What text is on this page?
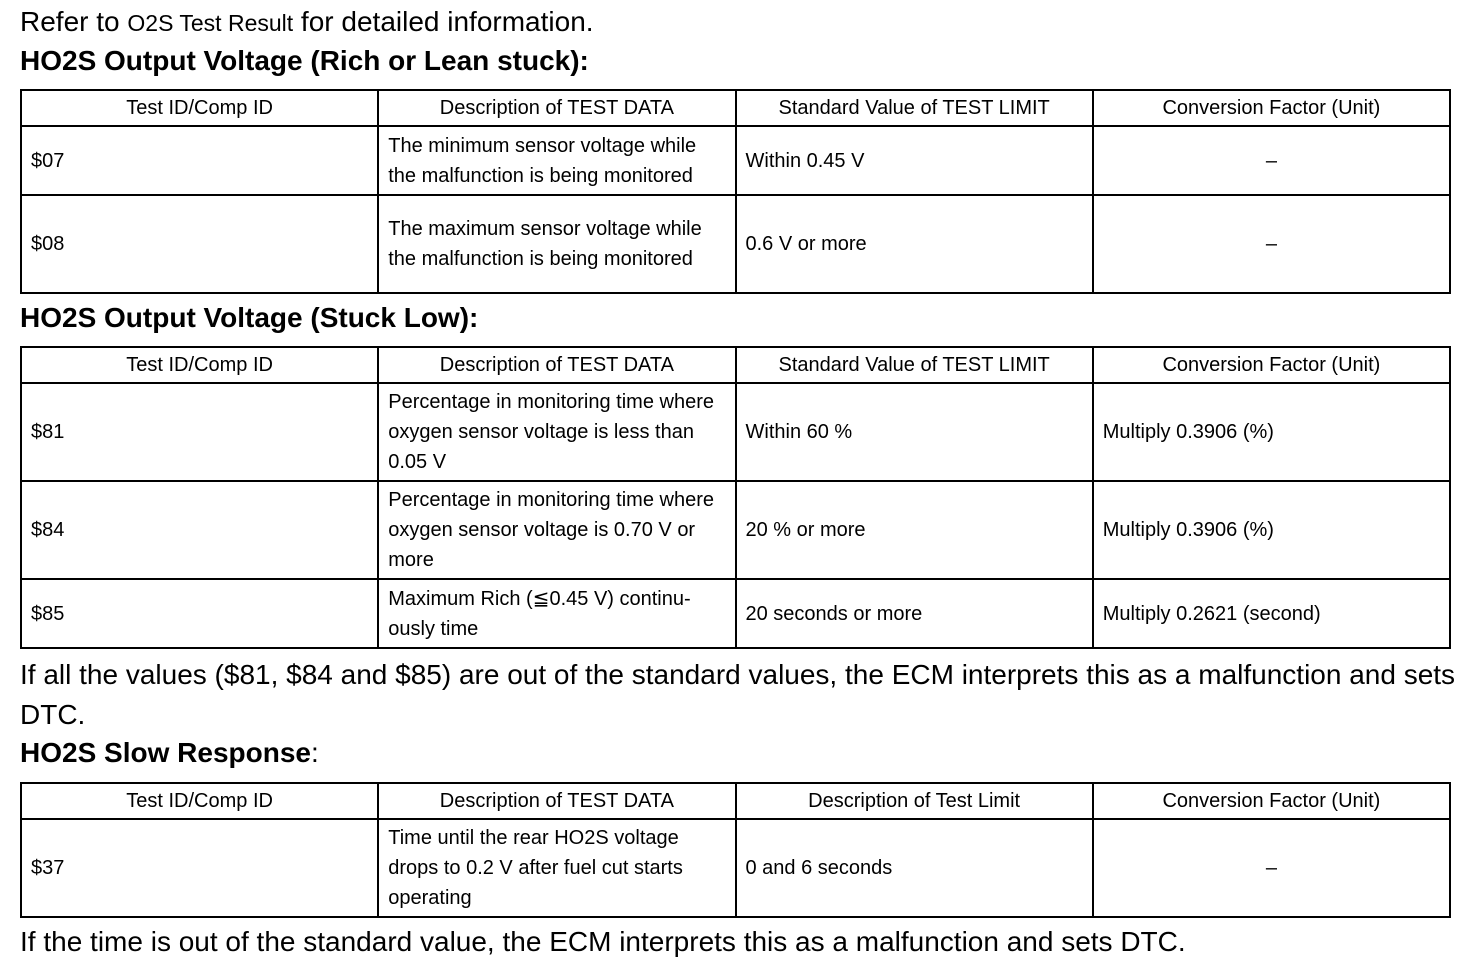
Refer to O2S Test Result for detailed information.
HO2S Output Voltage (Rich or Lean stuck):
Test ID/Comp ID	Description of TEST DATA	Standard Value of TEST LIMIT	Conversion Factor (Unit)
$07	The minimum sensor voltage while the malfunction is being monitored	Within 0.45 V	–
$08	The maximum sensor voltage while the malfunction is being monitored	0.6 V or more	–
HO2S Output Voltage (Stuck Low):
Test ID/Comp ID	Description of TEST DATA	Standard Value of TEST LIMIT	Conversion Factor (Unit)
$81	Percentage in monitoring time where oxygen sensor voltage is less than 0.05 V	Within 60 %	Multiply 0.3906 (%)
$84	Percentage in monitoring time where oxygen sensor voltage is 0.70 V or more	20 % or more	Multiply 0.3906 (%)
$85	Maximum Rich (≦0.45 V) continu-ously time	20 seconds or more	Multiply 0.2621 (second)
If all the values ($81, $84 and $85) are out of the standard values, the ECM interprets this as a malfunction and sets DTC.
HO2S Slow Response:
Test ID/Comp ID	Description of TEST DATA	Description of Test Limit	Conversion Factor (Unit)
$37	Time until the rear HO2S voltage drops to 0.2 V after fuel cut starts operating	0 and 6 seconds	–
If the time is out of the standard value, the ECM interprets this as a malfunction and sets DTC.
